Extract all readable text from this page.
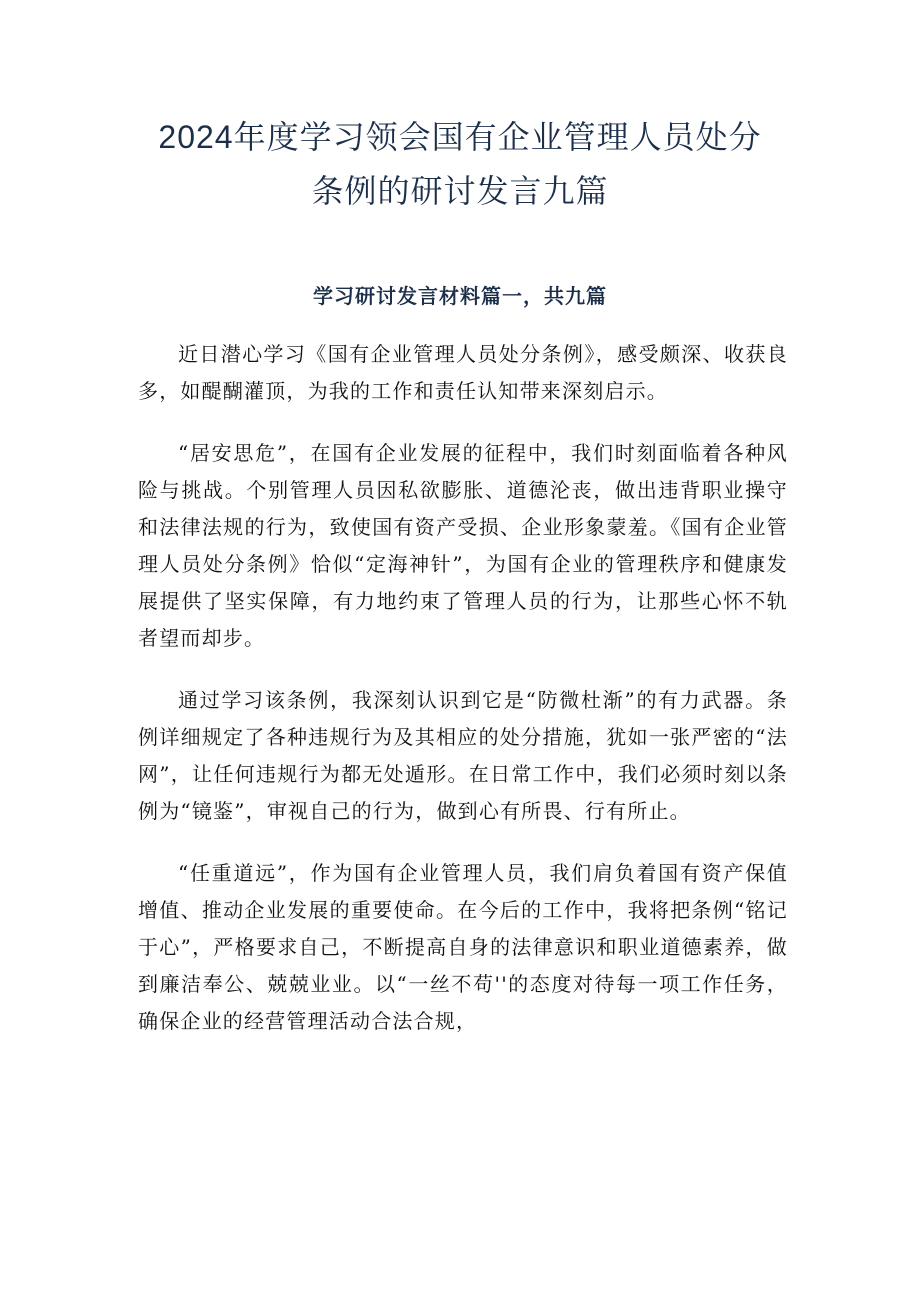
2024年度学习领会国有企业管理人员处分
条例的研讨发言九篇
学习研讨发言材料篇一，共九篇

近日潜心学习《国有企业管理人员处分条例》，感受颇深、收获良多，如醍醐灌顶，为我的工作和责任认知带来深刻启示。

“居安思危”，在国有企业发展的征程中，我们时刻面临着各种风险与挑战。个别管理人员因私欲膨胀、道德沦丧，做出违背职业操守和法律法规的行为，致使国有资产受损、企业形象蒙羞。《国有企业管理人员处分条例》恰似“定海神针”，为国有企业的管理秩序和健康发展提供了坚实保障，有力地约束了管理人员的行为，让那些心怀不轨者望而却步。

通过学习该条例，我深刻认识到它是“防微杜渐”的有力武器。条例详细规定了各种违规行为及其相应的处分措施，犹如一张严密的“法网”，让任何违规行为都无处遁形。在日常工作中，我们必须时刻以条例为“镜鉴”，审视自己的行为，做到心有所畏、行有所止。

“任重道远”，作为国有企业管理人员，我们肩负着国有资产保值增值、推动企业发展的重要使命。在今后的工作中，我将把条例“铭记于心”，严格要求自己，不断提高自身的法律意识和职业道德素养，做到廉洁奉公、兢兢业业。以“一丝不苟''的态度对待每一项工作任务，确保企业的经营管理活动合法合规，
